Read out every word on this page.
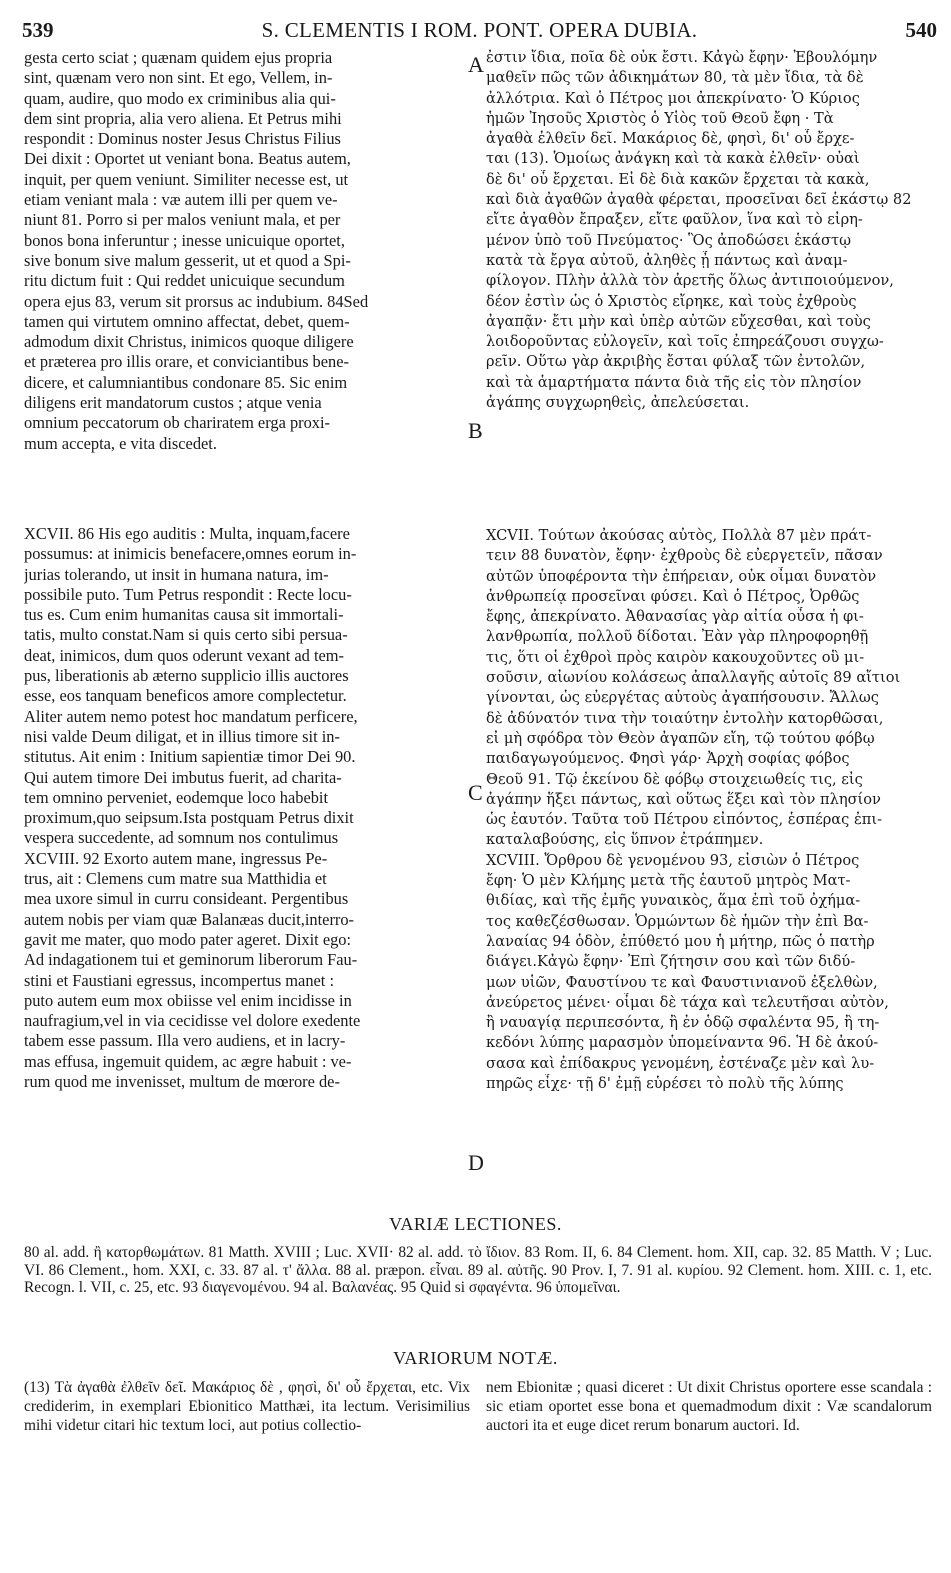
539	S. CLEMENTIS I ROM. PONT. OPERA DUBIA.	540
gesta certo sciat ; quænam quidem ejus propria
sint, quænam vero non sint. Et ego, Vellem, in-
quam, audire, quo modo ex criminibus alia qui-
dem sint propria, alia vero aliena. Et Petrus mihi
respondit : Dominus noster Jesus Christus Filius
Dei dixit : Oportet ut veniant bona. Beatus autem,
inquit, per quem veniunt. Similiter necesse est, ut
etiam veniant mala : væ autem illi per quem ve-
niunt 81. Porro si per malos veniunt mala, et per
bonos bona inferuntur ; inesse unicuique oportet,
sive bonum sive malum gesserit, ut et quod a Spi-
ritu dictum fuit : Qui reddet unicuique secundum
opera ejus 83, verum sit prorsus ac indubium. 84Sed
tamen qui virtutem omnino affectat, debet, quem-
admodum dixit Christus, inimicos quoque diligere
et præterea pro illis orare, et conviciantibus bene-
dicere, et calumniantibus condonare 85. Sic enim
diligens erit mandatorum custos ; atque venia
omnium peccatorum ob chariratem erga proxi-
mum accepta, e vita discedet.
XCVII. 86 His ego auditis : Multa, inquam,facere
possumus: at inimicis benefacere,omnes eorum in-
jurias tolerando, ut insit in humana natura, im-
possibile puto. Tum Petrus respondit : Recte locu-
tus es. Cum enim humanitas causa sit immortali-
tatis, multo constat.Nam si quis certo sibi persua-
deat, inimicos, dum quos oderunt vexant ad tem-
pus, liberationis ab æterno supplicio illis auctores
esse, eos tanquam beneficos amore complectetur.
Aliter autem nemo potest hoc mandatum perficere,
nisi valde Deum diligat, et in illius timore sit in-
stitutus. Ait enim : Initium sapientiæ timor Dei 90.
Qui autem timore Dei imbutus fuerit, ad charita-
tem omnino perveniet, eodemque loco habebit
proximum,quo seipsum.Ista postquam Petrus dixit
vespera succedente, ad somnum nos contulimus
XCVIII. 92 Exorto autem mane, ingressus Pe-
trus, ait : Clemens cum matre sua Matthidia et
mea uxore simul in curru consideant. Pergentibus
autem nobis per viam quæ Balanæas ducit,interro-
gavit me mater, quo modo pater ageret. Dixit ego:
Ad indagationem tui et geminorum liberorum Fau-
stini et Faustiani egressus, incompertus manet :
puto autem eum mox obiisse vel enim incidisse in
naufragium,vel in via cecidisse vel dolore exedente
tabem esse passum. Illa vero audiens, et in lacry-
mas effusa, ingemuit quidem, ac ægre habuit : ve-
rum quod me invenisset, multum de mœrore de-
ἐστιν ἴδια, ποῖα δὲ οὐκ ἔστι. Κἀγὼ ἔφην· Ἐβουλόμην
μαθεῖν πῶς τῶν ἀδικημάτων 80, τὰ μὲν ἴδια, τὰ δὲ
ἀλλότρια. Καὶ ὁ Πέτρος μοι ἀπεκρίνατο· Ὁ Κύριος
ἡμῶν Ἰησοῦς Χριστὸς ὁ Υἱὸς τοῦ Θεοῦ ἔφη · Τὰ
ἀγαθὰ ἐλθεῖν δεῖ. Μακάριος δὲ, φησὶ, δι' οὗ ἔρχε-
ται (13). Ὁμοίως ἀνάγκη καὶ τὰ κακὰ ἐλθεῖν· οὐαὶ
δὲ δι' οὗ ἔρχεται. Εἰ δὲ διὰ κακῶν ἔρχεται τὰ κακὰ,
καὶ διὰ ἀγαθῶν ἀγαθὰ φέρεται, προσεῖναι δεῖ ἑκάστῳ 82
εἴτε ἀγαθὸν ἔπραξεν, εἴτε φαῦλον, ἵνα καὶ τὸ εἰρη-
μένον ὑπὸ τοῦ Πνεύματος· Ὃς ἀποδώσει ἑκάστῳ
κατὰ τὰ ἔργα αὐτοῦ, ἀληθὲς ᾖ πάντως καὶ ἀναμ-
φίλογον. Πλὴν ἀλλὰ τὸν ἀρετῆς ὅλως ἀντιποιούμενον,
δέον ἐστὶν ὡς ὁ Χριστὸς εἴρηκε, καὶ τοὺς ἐχθροὺς
ἀγαπᾷν· ἔτι μὴν καὶ ὑπὲρ αὐτῶν εὔχεσθαι, καὶ τοὺς
λοιδοροῦντας εὐλογεῖν, καὶ τοῖς ἐπηρεάζουσι συγχω-
ρεῖν. Οὕτω γὰρ ἀκριβὴς ἔσται φύλαξ τῶν ἐντολῶν,
καὶ τὰ ἁμαρτήματα πάντα διὰ τῆς εἰς τὸν πλησίον
ἀγάπης συγχωρηθεὶς, ἀπελεύσεται.
XCVII. Τούτων ἀκούσας αὐτὸς, Πολλὰ 87 μὲν πράτ-
τειν 88 δυνατὸν, ἔφην· ἐχθροὺς δὲ εὐεργετεῖν, πᾶσαν
αὐτῶν ὑποφέροντα τὴν ἐπήρειαν, οὐκ οἶμαι δυνατὸν
ἀνθρωπείᾳ προσεῖναι φύσει. Καὶ ὁ Πέτρος, Ὀρθῶς
ἔφης, ἀπεκρίνατο. Ἀθανασίας γὰρ αἰτία οὖσα ἡ φι-
λανθρωπία, πολλοῦ δίδοται. Ἐὰν γὰρ πληροφορηθῇ
τις, ὅτι οἱ ἐχθροὶ πρὸς καιρὸν κακουχοῦντες οὓ μι-
σοῦσιν, αἰωνίου κολάσεως ἀπαλλαγῆς αὐτοῖς 89 αἴτιοι
γίνονται, ὡς εὐεργέτας αὐτοὺς ἀγαπήσουσιν. Ἄλλως
δὲ ἀδύνατόν τινα τὴν τοιαύτην ἐντολὴν κατορθῶσαι,
εἰ μὴ σφόδρα τὸν Θεὸν ἀγαπῶν εἴη, τῷ τούτου φόβῳ
παιδαγωγούμενος. Φησὶ γάρ· Ἀρχὴ σοφίας φόβος
Θεοῦ 91. Τῷ ἐκείνου δὲ φόβῳ στοιχειωθείς τις, εἰς
ἀγάπην ἥξει πάντως, καὶ οὕτως ἕξει καὶ τὸν πλησίον
ὡς ἑαυτόν. Ταῦτα τοῦ Πέτρου εἰπόντος, ἑσπέρας ἐπι-
καταλαβούσης, εἰς ὕπνον ἐτράπημεν.
XCVIII. Ὄρθρου δὲ γενομένου 93, εἰσιὼν ὁ Πέτρος
ἔφη· Ὁ μὲν Κλήμης μετὰ τῆς ἑαυτοῦ μητρὸς Ματ-
θιδίας, καὶ τῆς ἐμῆς γυναικὸς, ἅμα ἐπὶ τοῦ ὀχήμα-
τος καθεζέσθωσαν. Ὁρμώντων δὲ ἡμῶν τὴν ἐπὶ Βα-
λαναίας 94 ὁδὸν, ἐπύθετό μου ἡ μήτηρ, πῶς ὁ πατὴρ
διάγει.Κἀγὼ ἔφην· Ἐπὶ ζήτησιν σου καὶ τῶν διδύ-
μων υἱῶν, Φαυστίνου τε καὶ Φαυστινιανοῦ ἐξελθὼν,
ἀνεύρετος μένει· οἶμαι δὲ τάχα καὶ τελευτῆσαι αὐτὸν,
ἢ ναυαγίᾳ περιπεσόντα, ἢ ἐν ὁδῷ σφαλέντα 95, ἢ τη-
κεδόνι λύπης μαρασμὸν ὑπομείναντα 96. Ἡ δὲ ἀκού-
σασα καὶ ἐπίδακρυς γενομένη, ἐστέναζε μὲν καὶ λυ-
πηρῶς εἶχε· τῇ δ' ἐμῇ εὑρέσει τὸ πολὺ τῆς λύπης
A
B
C
D
VARIÆ LECTIONES.
80 al. add. ἢ κατορθωμάτων. 81 Matth. XVIII ; Luc. XVII· 82 al. add. τὸ ἴδιον. 83 Rom. II, 6. 84 Clement. hom. XII, cap. 32. 85 Matth. V ; Luc. VI. 86 Clement., hom. XXI, c. 33. 87 al. τ' ἄλλα. 88 al. præpon. εἶναι. 89 al. αὐτῆς. 90 Prov. I, 7. 91 al. κυρίου. 92 Clement. hom. XIII. c. 1, etc. Recogn. l. VII, c. 25, etc. 93 διαγενομένου. 94 al. Βαλανέας. 95 Quid si σφαγέντα. 96 ὑπομεῖναι.
VARIORUM NOTÆ.
(13) Τὰ ἀγαθὰ ἐλθεῖν δεῖ. Μακάριος δὲ , φησὶ, δι' οὗ ἔρχεται, etc. Vix crediderim, in exemplari Ebionitico Matthæi, ita lectum. Verisimilius mihi videtur citari hic textum loci, aut potius collectio-
nem Ebionitæ ; quasi diceret : Ut dixit Christus oportere esse scandala : sic etiam oportet esse bona et quemadmodum dixit : Væ scandalorum auctori ita et euge dicet rerum bonarum auctori. Id.
